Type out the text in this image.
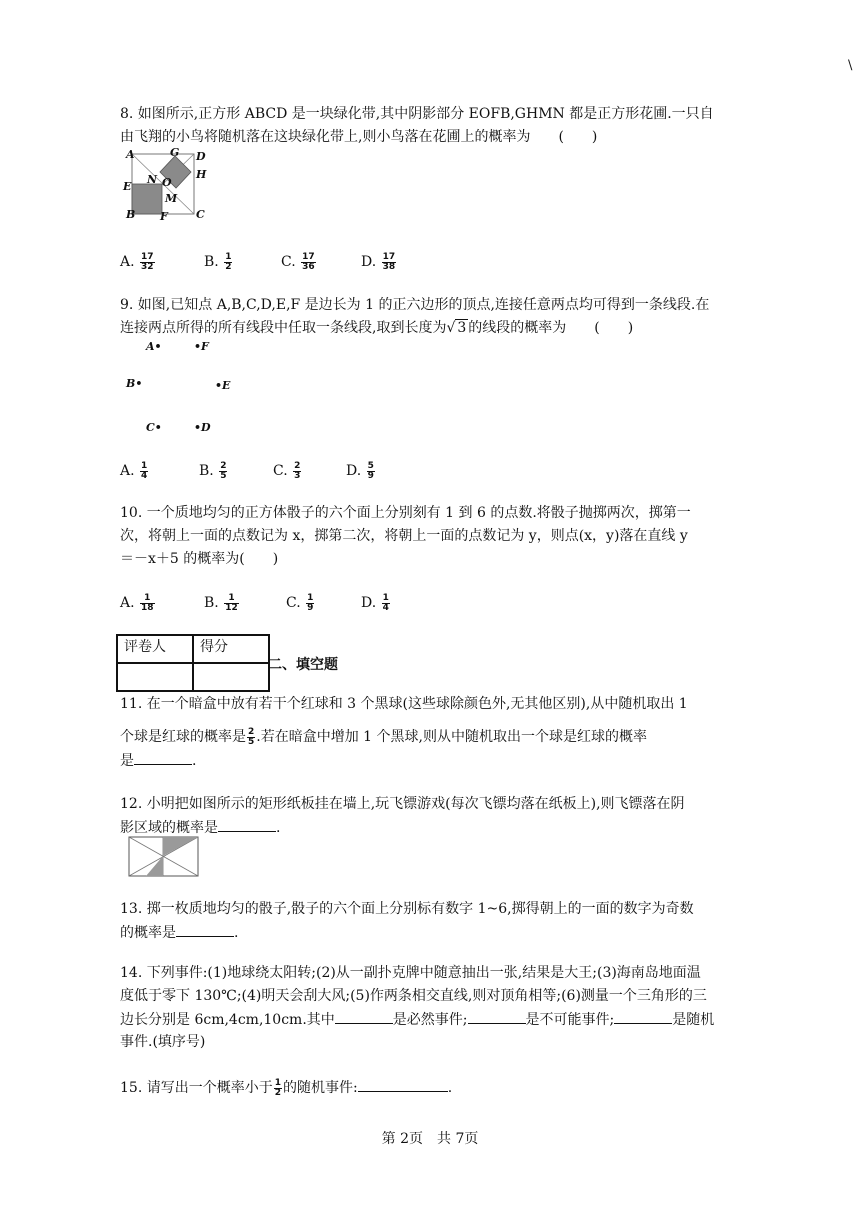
\
8. 如图所示,正方形 ABCD 是一块绿化带,其中阴影部分 EOFB,GHMN 都是正方形花圃.一只自
由飞翔的小鸟将随机落在这块绿化带上,则小鸟落在花圃上的概率为　　(　　)
A	G D
H
N O
E
M
B F	C
A. $\frac{17}{32}$	B. $\frac{1}{2}$	C. $\frac{17}{36}$	D. $\frac{17}{38}$
9. 如图,已知点 A,B,C,D,E,F 是边长为 1 的正六边形的顶点,连接任意两点均可得到一条线段.在
连接两点所得的所有线段中任取一条线段,取到长度为√ 3 的线段的概率为　　(　　)
A•	•F
B•	•E
C•	•D
A. $\frac{1}{4}$	B. $\frac{2}{5}$	C. $\frac{2}{3}$	D. $\frac{5}{9}$
10. 一个质地均匀的正方体骰子的六个面上分别刻有 1 到 6 的点数.将骰子抛掷两次，掷第一
次，将朝上一面的点数记为 x，掷第二次，将朝上一面的点数记为 y，则点(x，y)落在直线 y
＝－x＋5 的概率为(　　)
A. $\frac{1}{18}$	B. $\frac{1}{12}$	C. $\frac{1}{9}$	D. $\frac{1}{4}$
评卷人	得分

二、填空题
11. 在一个暗盒中放有若干个红球和 3 个黑球(这些球除颜色外,无其他区别),从中随机取出 1
个球是红球的概率是 $\frac{2}{5}$ .若在暗盒中增加 1 个黑球,则从中随机取出一个球是红球的概率
是	.
12. 小明把如图所示的矩形纸板挂在墙上,玩飞镖游戏(每次飞镖均落在纸板上),则飞镖落在阴
影区域的概率是	.
13. 掷一枚质地均匀的骰子,骰子的六个面上分别标有数字 1~6,掷得朝上的一面的数字为奇数
的概率是	.
14. 下列事件:(1)地球绕太阳转;(2)从一副扑克牌中随意抽出一张,结果是大王;(3)海南岛地面温
度低于零下 130℃;(4)明天会刮大风;(5)作两条相交直线,则对顶角相等;(6)测量一个三角形的三
边长分别是 6cm,4cm,10cm.其中	是必然事件;	是不可能事件;	是随机
事件.(填序号)
15. 请写出一个概率小于 $\frac{1}{2}$ 的随机事件:	.
第 2页　共 7页
